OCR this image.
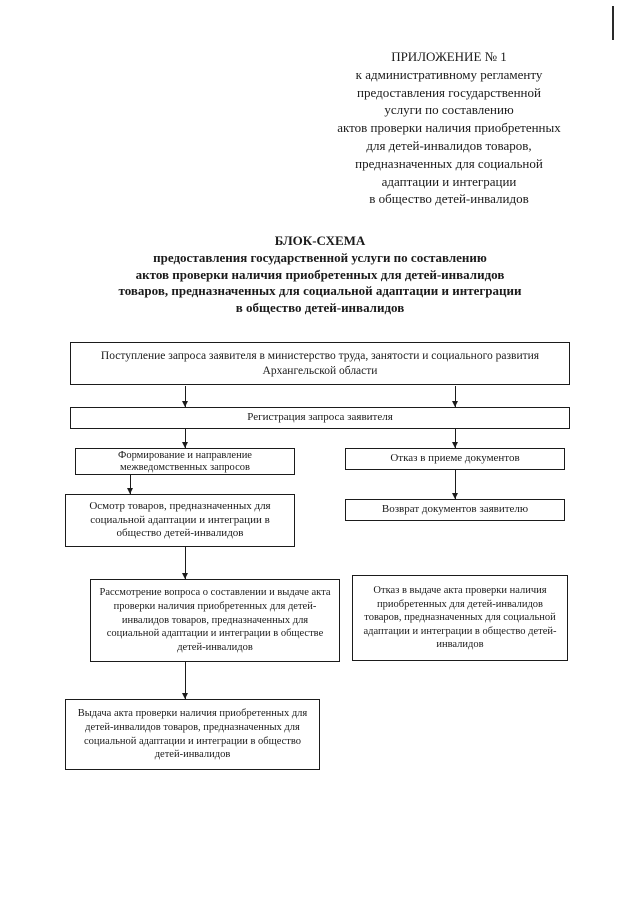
ПРИЛОЖЕНИЕ № 1
к административному регламенту
предоставления государственной
услуги по составлению
актов проверки наличия приобретенных
для детей-инвалидов товаров,
предназначенных для социальной
адаптации и интеграции
в общество детей-инвалидов
БЛОК-СХЕМА
предоставления государственной услуги по составлению
актов проверки наличия приобретенных для детей-инвалидов
товаров, предназначенных для социальной адаптации и интеграции
в общество детей-инвалидов
Поступление запроса заявителя в министерство труда, занятости и социального развития Архангельской области
Регистрация запроса заявителя
Формирование и направление межведомственных запросов
Отказ в приеме документов
Осмотр товаров, предназначенных для социальной адаптации и интеграции в общество детей-инвалидов
Возврат документов заявителю
Рассмотрение вопроса о составлении и выдаче акта проверки наличия приобретенных для детей-инвалидов товаров, предназначенных для социальной адаптации и интеграции в обществе детей-инвалидов
Отказ в выдаче акта проверки наличия приобретенных для детей-инвалидов товаров, предназначенных для социальной адаптации и интеграции в общество детей-инвалидов
Выдача акта проверки наличия приобретенных для детей-инвалидов товаров, предназначенных для социальной адаптации и интеграции в общество детей-инвалидов
